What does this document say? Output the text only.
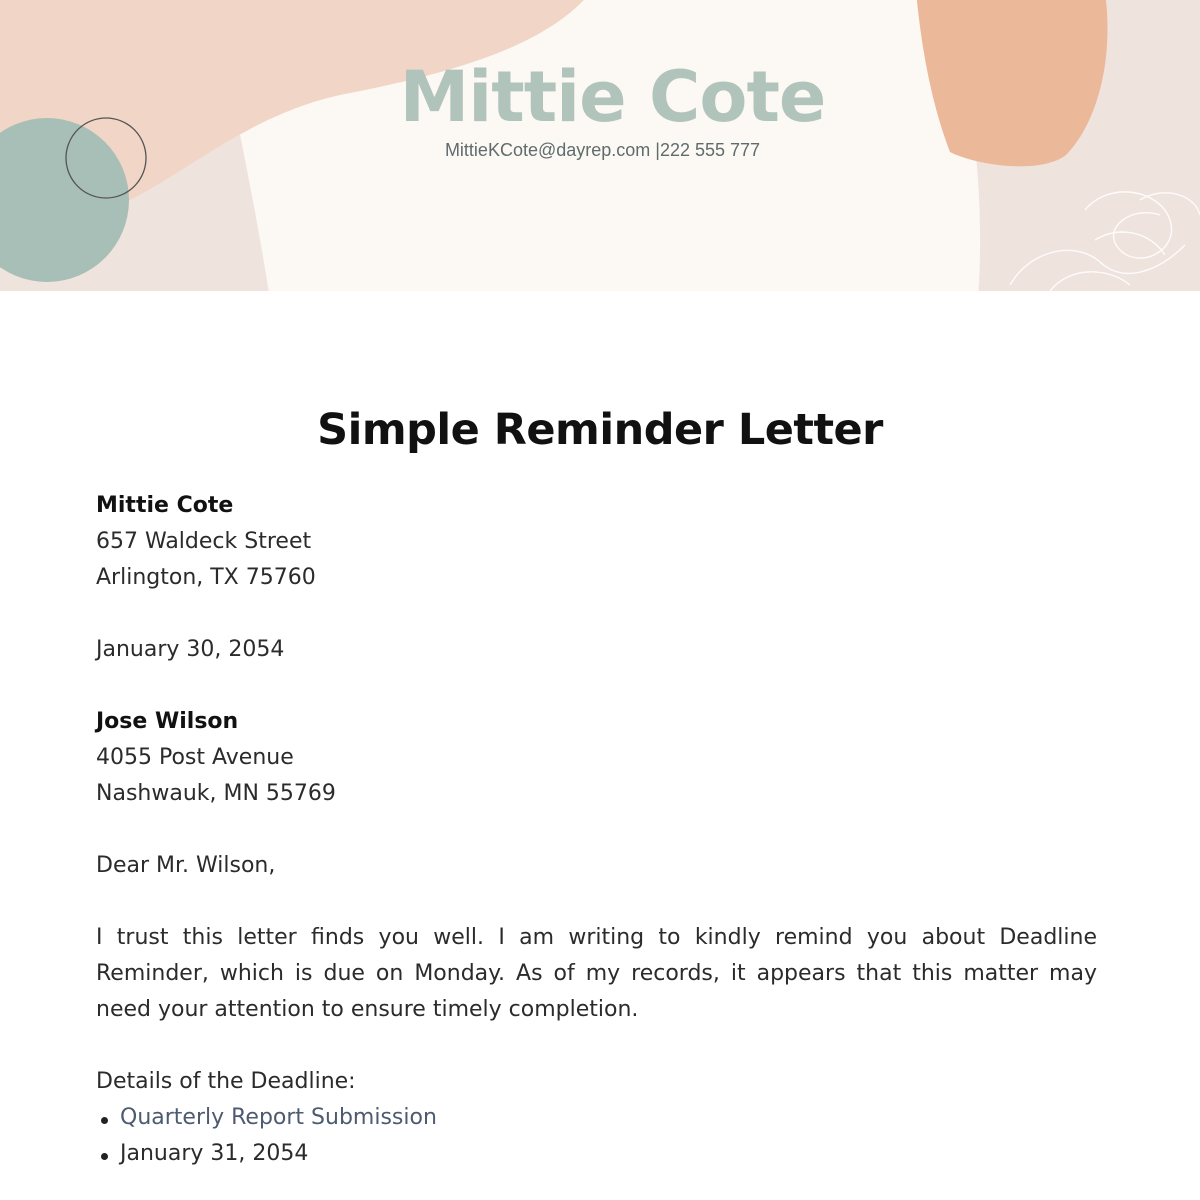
Mittie Cote
MittieKCote@dayrep.com |222 555 777
Simple Reminder Letter
Mittie Cote
657 Waldeck Street
Arlington, TX 75760
January 30, 2054
Jose Wilson
4055 Post Avenue
Nashwauk, MN 55769
Dear Mr. Wilson,

I trust this letter finds you well. I am writing to kindly remind you about Deadline Reminder, which is due on Monday. As of my records, it appears that this matter may need your attention to ensure timely completion.

Details of the Deadline:
Quarterly Report Submission
January 31, 2054
